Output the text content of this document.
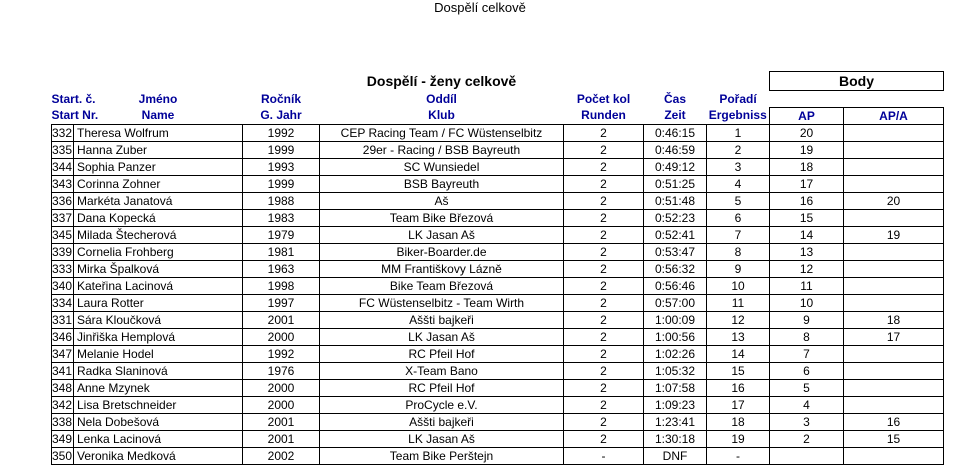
Dospělí celkově
			Dospělí - ženy celkově				Body	
Start. č.	Jméno	Ročník	Oddíl	Počet kol	Čas	Pořadí		
Start Nr.	Name	G. Jahr	Klub	Runden	Zeit	Ergebniss	AP	AP/A
332	Theresa Wolfrum	1992	CEP Racing Team / FC Wüstenselbitz	2	0:46:15	1	20	
335	Hanna Zuber	1999	29er - Racing / BSB Bayreuth	2	0:46:59	2	19	
344	Sophia Panzer	1993	SC Wunsiedel	2	0:49:12	3	18	
343	Corinna Zohner	1999	BSB Bayreuth	2	0:51:25	4	17	
336	Markéta Janatová	1988	Aš	2	0:51:48	5	16	20
337	Dana Kopecká	1983	Team Bike Březová	2	0:52:23	6	15	
345	Milada Štecherová	1979	LK Jasan Aš	2	0:52:41	7	14	19
339	Cornelia Frohberg	1981	Biker-Boarder.de	2	0:53:47	8	13	
333	Mirka Špalková	1963	MM Františkovy Lázně	2	0:56:32	9	12	
340	Kateřina Lacinová	1998	Bike Team Březová	2	0:56:46	10	11	
334	Laura Rotter	1997	FC Wüstenselbitz - Team Wirth	2	0:57:00	11	10	
331	Sára Kloučková	2001	Aššti bajkeři	2	1:00:09	12	9	18
346	Jinřiška Hemplová	2000	LK Jasan Aš	2	1:00:56	13	8	17
347	Melanie Hodel	1992	RC Pfeil Hof	2	1:02:26	14	7	
341	Radka Slaninová	1976	X-Team Bano	2	1:05:32	15	6	
348	Anne Mzynek	2000	RC Pfeil Hof	2	1:07:58	16	5	
342	Lisa Bretschneider	2000	ProCycle e.V.	2	1:09:23	17	4	
338	Nela Dobešová	2001	Aššti bajkeři	2	1:23:41	18	3	16
349	Lenka Lacinová	2001	LK Jasan Aš	2	1:30:18	19	2	15
350	Veronika Medková	2002	Team Bike Perštejn	-	DNF	-		
